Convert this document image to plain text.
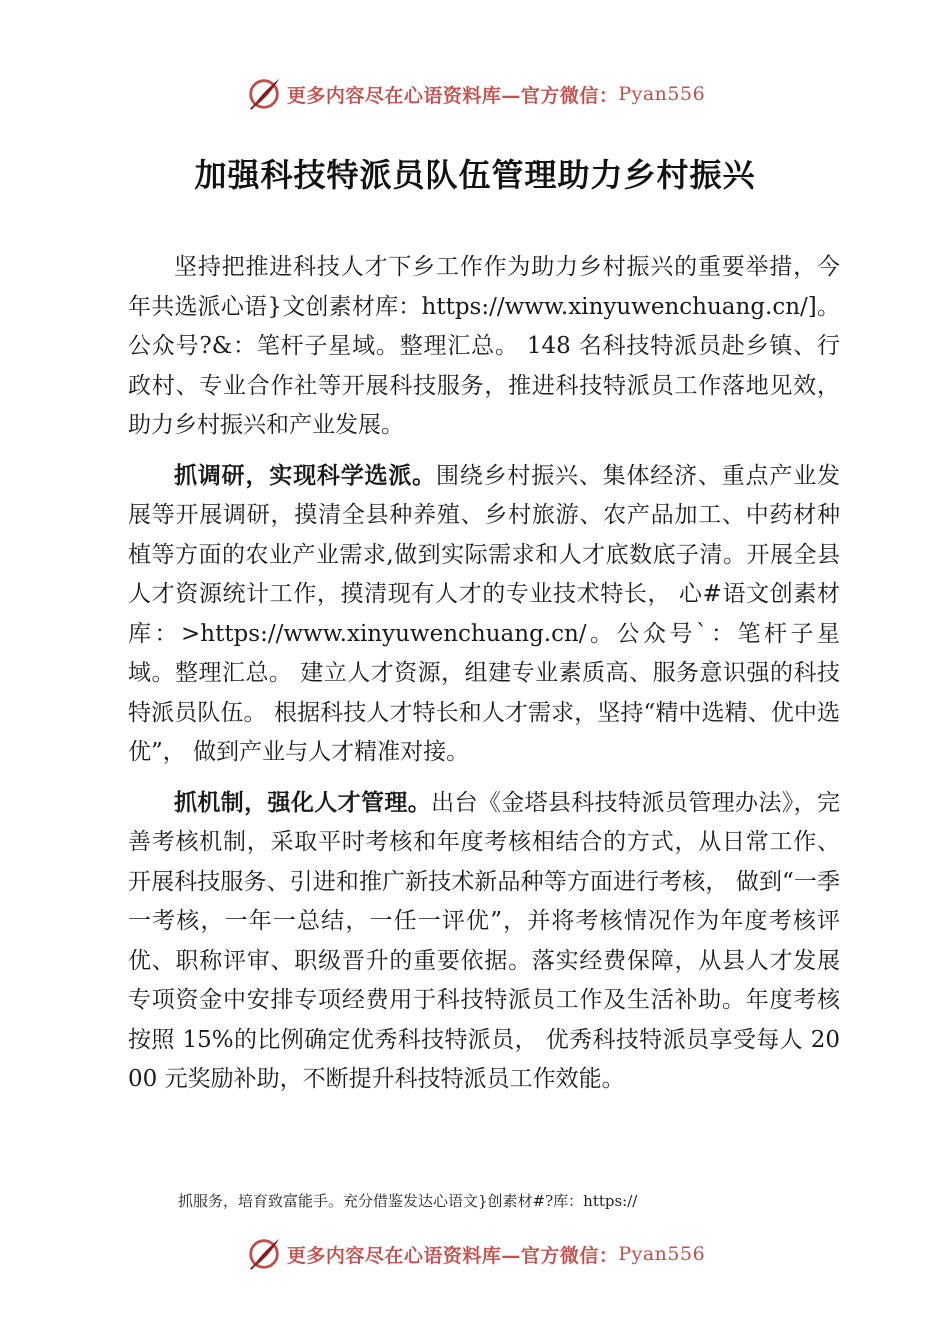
更多内容尽在心语资料库—官方微信： Pyan556
加强科技特派员队伍管理助力乡村振兴

坚持把推进科技人才下乡工作作为助力乡村振兴的重要举措，今年共选派心语}文创素材库：https://www.xinyuwenchuang.cn/]。公众号?&：笔杆子星域。整理汇总。 148 名科技特派员赴乡镇、行政村、专业合作社等开展科技服务，推进科技特派员工作落地见效，助力乡村振兴和产业发展。

抓调研，实现科学选派。围绕乡村振兴、集体经济、重点产业发展等开展调研，摸清全县种养殖、乡村旅游、农产品加工、中药材种植等方面的农业产业需求,做到实际需求和人才底数底子清。开展全县人才资源统计工作，摸清现有人才的专业技术特长， 心#语文创素材库：>https://www.xinyuwenchuang.cn/。公众号`：笔杆子星域。整理汇总。 建立人才资源，组建专业素质高、服务意识强的科技特派员队伍。 根据科技人才特长和人才需求，坚持“精中选精、优中选优”， 做到产业与人才精准对接。

抓机制，强化人才管理。出台《金塔县科技特派员管理办法》，完善考核机制，采取平时考核和年度考核相结合的方式，从日常工作、开展科技服务、引进和推广新技术新品种等方面进行考核， 做到“一季一考核，一年一总结，一任一评优”，并将考核情况作为年度考核评优、职称评审、职级晋升的重要依据。落实经费保障，从县人才发展专项资金中安排专项经费用于科技特派员工作及生活补助。年度考核按照 15%的比例确定优秀科技特派员， 优秀科技特派员享受每人 2000 元奖励补助，不断提升科技特派员工作效能。

抓服务，培育致富能手。充分借鉴发达心语文}创素材#?库：https://
更多内容尽在心语资料库—官方微信： Pyan556
